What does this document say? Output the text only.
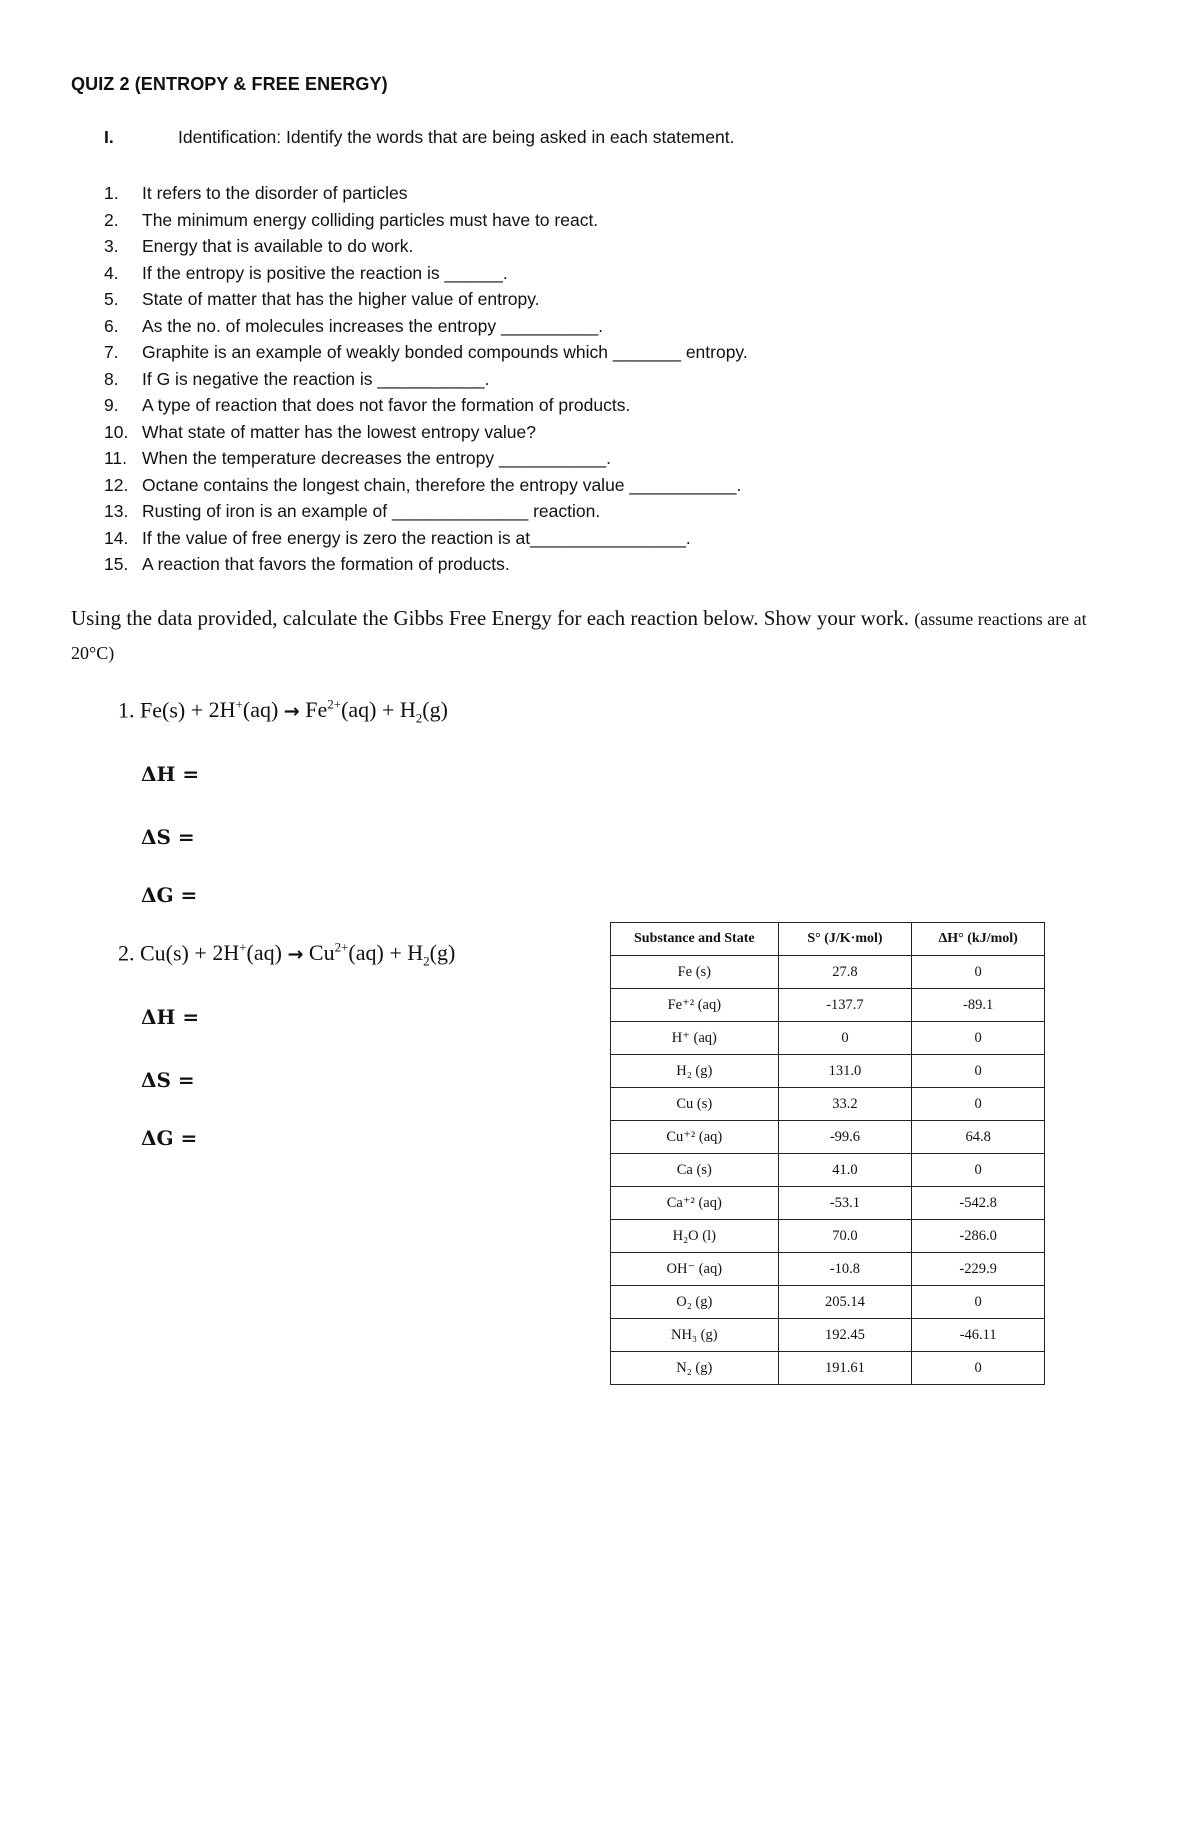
QUIZ 2 (ENTROPY & FREE ENERGY)
I.	Identification: Identify the words that are being asked in each statement.
1. It refers to the disorder of particles
2. The minimum energy colliding particles must have to react.
3. Energy that is available to do work.
4. If the entropy is positive the reaction is ______.
5. State of matter that has the higher value of entropy.
6. As the no. of molecules increases the entropy __________.
7. Graphite is an example of weakly bonded compounds which _______ entropy.
8. If G is negative the reaction is ___________.
9. A type of reaction that does not favor the formation of products.
10. What state of matter has the lowest entropy value?
11. When the temperature decreases the entropy ___________.
12. Octane contains the longest chain, therefore the entropy value ___________.
13. Rusting of iron is an example of ______________ reaction.
14. If the value of free energy is zero the reaction is at________________.
15. A reaction that favors the formation of products.
Using the data provided, calculate the Gibbs Free Energy for each reaction below. Show your work. (assume reactions are at 20°C)
1. $Fe(s) + 2H^+(aq) \to Fe^{2+}(aq) + H_2(g)$
ΔH =
ΔS =
ΔG =
2. $Cu(s) + 2H^+(aq) \to Cu^{2+}(aq) + H_2(g)$
ΔH =
ΔS =
ΔG =
Substance and State	S° (J/K·mol)	ΔH° (kJ/mol)
Fe (s)	27.8	0
Fe⁺² (aq)	-137.7	-89.1
H⁺ (aq)	0	0
H₂ (g)	131.0	0
Cu (s)	33.2	0
Cu⁺² (aq)	-99.6	64.8
Ca (s)	41.0	0
Ca⁺² (aq)	-53.1	-542.8
H₂O (l)	70.0	-286.0
OH⁻ (aq)	-10.8	-229.9
O₂ (g)	205.14	0
NH₃ (g)	192.45	-46.11
N₂ (g)	191.61	0
